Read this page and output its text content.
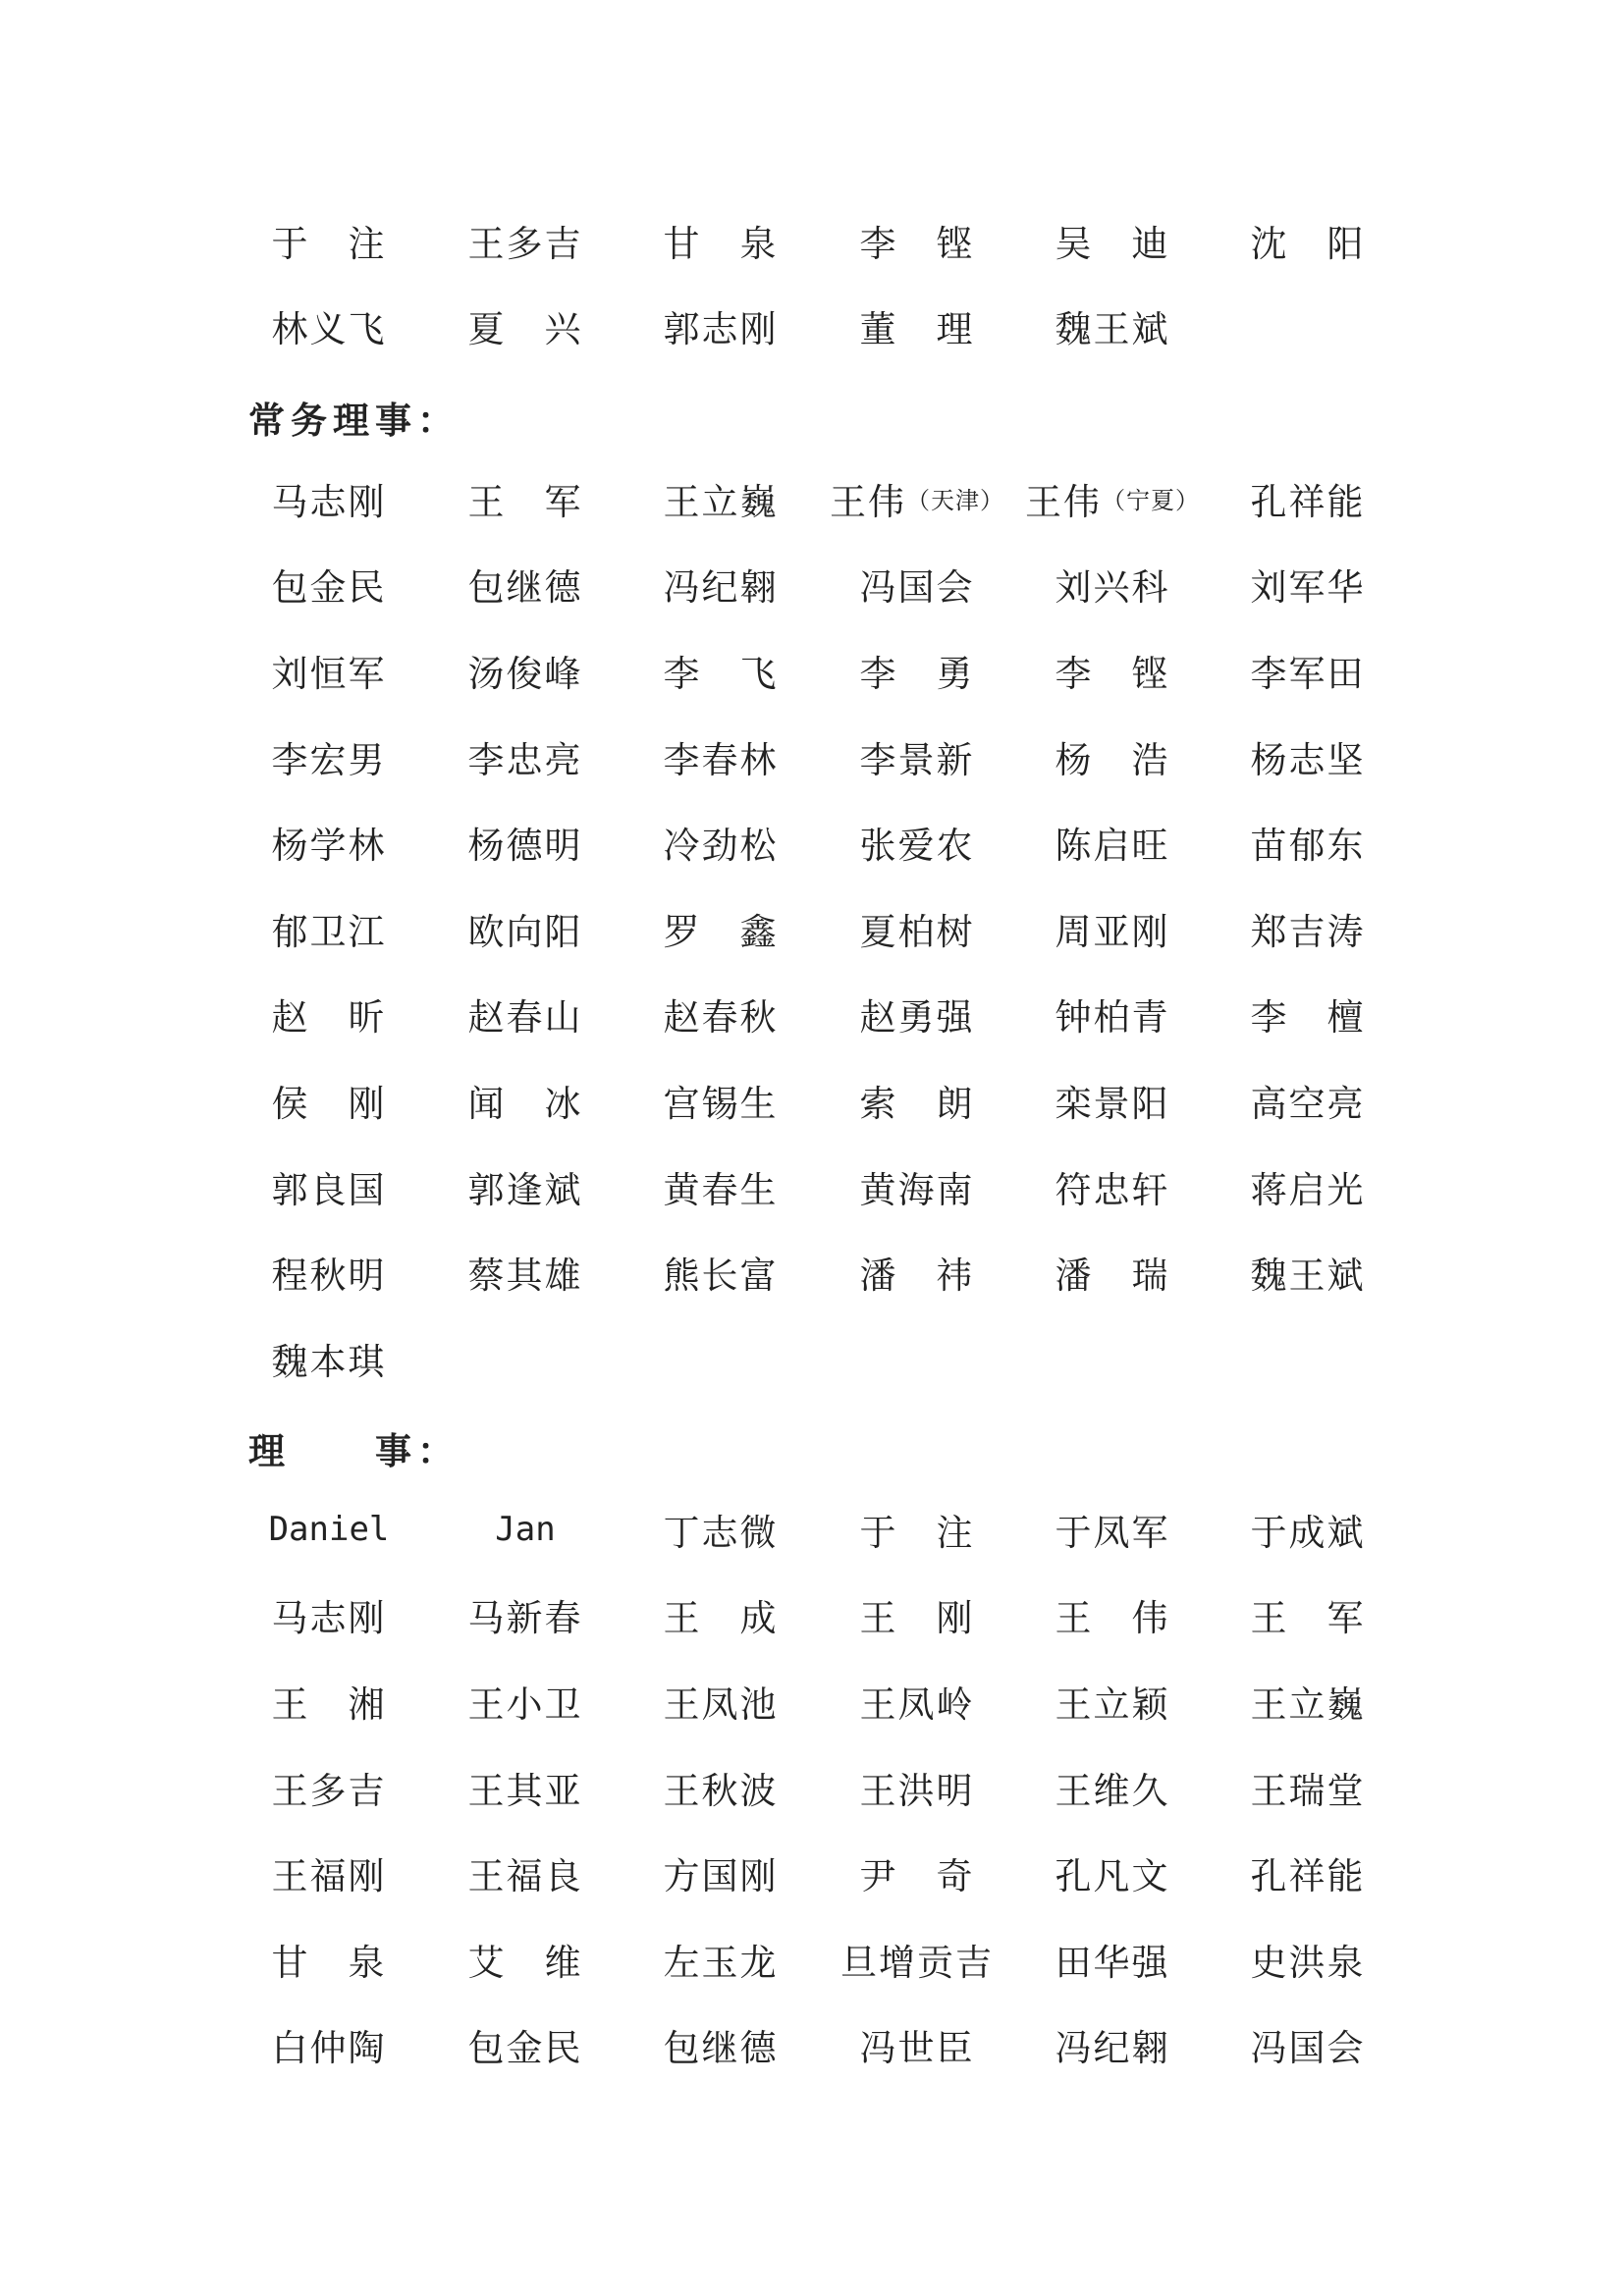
于　注	王多吉	甘　泉	李　铿	吴　迪	沈　阳
林义飞	夏　兴	郭志刚	董　理	魏王斌
常务理事：
马志刚	王　军	王立巍	王伟 （天津） 王伟 （宁夏）	孔祥能
包金民	包继德	冯纪翱	冯国会	刘兴科	刘军华
刘恒军	汤俊峰	李　飞	李　勇	李　铿	李军田
李宏男	李忠亮	李春林	李景新	杨　浩	杨志坚
杨学林	杨德明	冷劲松	张爱农	陈启旺	苗郁东
郁卫江	欧向阳	罗　鑫	夏柏树	周亚刚	郑吉涛
赵　昕	赵春山	赵春秋	赵勇强	钟柏青	李　檀
侯　刚	闻　冰	宫锡生	索　朗	栾景阳	高空亮
郭良国	郭逢斌	黄春生	黄海南	符忠轩	蒋启光
程秋明	蔡其雄	熊长富	潘　祎	潘　瑞	魏王斌
魏本琪
理　　事：
Daniel	Jan	丁志微	于　注	于凤军	于成斌
马志刚	马新春	王　成	王　刚	王　伟	王　军
王　湘	王小卫	王凤池	王凤岭	王立颖	王立巍
王多吉	王其亚	王秋波	王洪明	王维久	王瑞堂
王福刚	王福良	方国刚	尹　奇	孔凡文	孔祥能
甘　泉	艾　维	左玉龙	旦增贡吉	田华强	史洪泉
白仲陶	包金民	包继德	冯世臣	冯纪翱	冯国会
